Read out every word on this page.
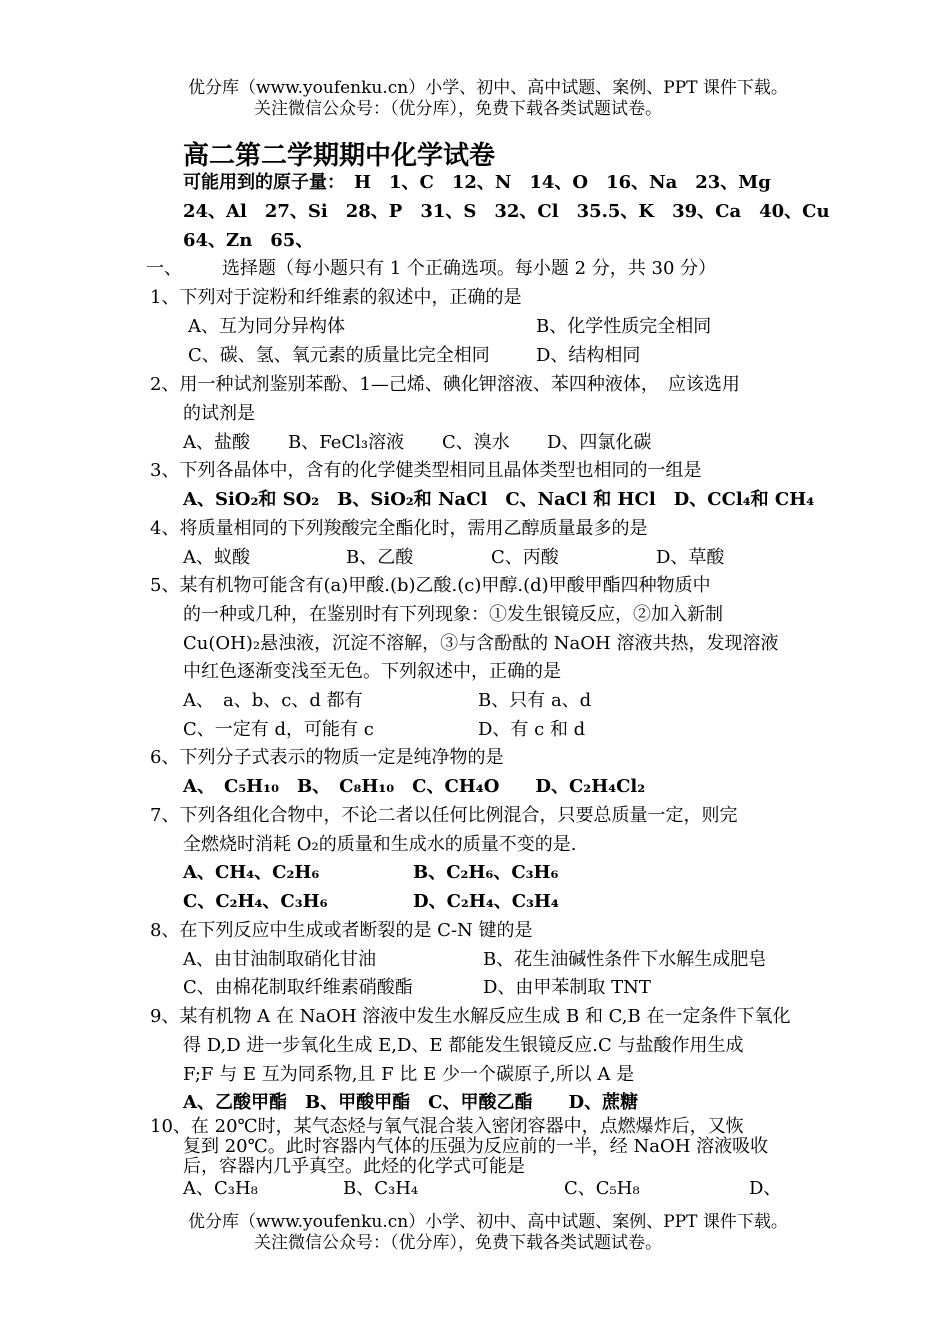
优分库（www.youfenku.cn）小学、初中、高中试题、案例、PPT 课件下载。
关注微信公众号：（优分库），免费下载各类试题试卷。
高二第二学期期中化学试卷
可能用到的原子量：　H　1、C　12、N　14、O　16、Na　23、Mg
24、Al　27、Si　28、P　31、S　32、Cl　35.5、K　39、Ca　40、Cu
64、Zn　65、
一、 选择题（每小题只有 1 个正确选项。每小题 2 分，共 30 分）
1、下列对于淀粉和纤维素的叙述中，正确的是
A、互为同分异构体	B、化学性质完全相同
C、碳、氢、氧元素的质量比完全相同	D、结构相同
2、用一种试剂鉴别苯酚、1—己烯、碘化钾溶液、苯四种液体，　应该选用
的试剂是
A、盐酸 B、FeCl₃溶液 C、溴水 D、四氯化碳
3、下列各晶体中，含有的化学健类型相同且晶体类型也相同的一组是
A、SiO₂和 SO₂　B、SiO₂和 NaCl　C、NaCl 和 HCl　D、CCl₄和 CH₄
4、将质量相同的下列羧酸完全酯化时，需用乙醇质量最多的是
A、蚁酸	B、乙酸	C、丙酸	D、草酸
5、某有机物可能含有(a)甲酸.(b)乙酸.(c)甲醇.(d)甲酸甲酯四种物质中
的一种或几种，在鉴别时有下列现象：①发生银镜反应，②加入新制
Cu(OH)₂悬浊液，沉淀不溶解，③与含酚酞的 NaOH 溶液共热，发现溶液
中红色逐渐变浅至无色。下列叙述中，正确的是
A、　a、b、c、d 都有	B、只有 a、d
C、一定有 d，可能有 c	D、有 c 和 d
6、下列分子式表示的物质一定是纯净物的是
A、　C₅H₁₀　B、　C₈H₁₀　C、CH₄O　　D、C₂H₄Cl₂
7、下列各组化合物中，不论二者以任何比例混合，只要总质量一定，则完
全燃烧时消耗 O₂的质量和生成水的质量不变的是.
A、CH₄、C₂H₆	B、C₂H₆、C₃H₆
C、C₂H₄、C₃H₆	D、C₂H₄、C₃H₄
8、在下列反应中生成或者断裂的是 C-N 键的是
A、由甘油制取硝化甘油	B、花生油碱性条件下水解生成肥皂
C、由棉花制取纤维素硝酸酯	D、由甲苯制取 TNT
9、某有机物 A 在 NaOH 溶液中发生水解反应生成 B 和 C,B 在一定条件下氧化
得 D,D 进一步氧化生成 E,D、E 都能发生银镜反应.C 与盐酸作用生成
F;F 与 E 互为同系物,且 F 比 E 少一个碳原子,所以 A 是
A、乙酸甲酯　B、甲酸甲酯　C、甲酸乙酯　　D、蔗糖
10、在 20℃时，某气态烃与氧气混合装入密闭容器中，点燃爆炸后，又恢
复到 20℃。此时容器内气体的压强为反应前的一半，经 NaOH 溶液吸收
后，容器内几乎真空。此烃的化学式可能是
A、C₃H₈	B、C₃H₄	C、C₅H₈	D、
优分库（www.youfenku.cn）小学、初中、高中试题、案例、PPT 课件下载。
关注微信公众号：（优分库），免费下载各类试题试卷。
